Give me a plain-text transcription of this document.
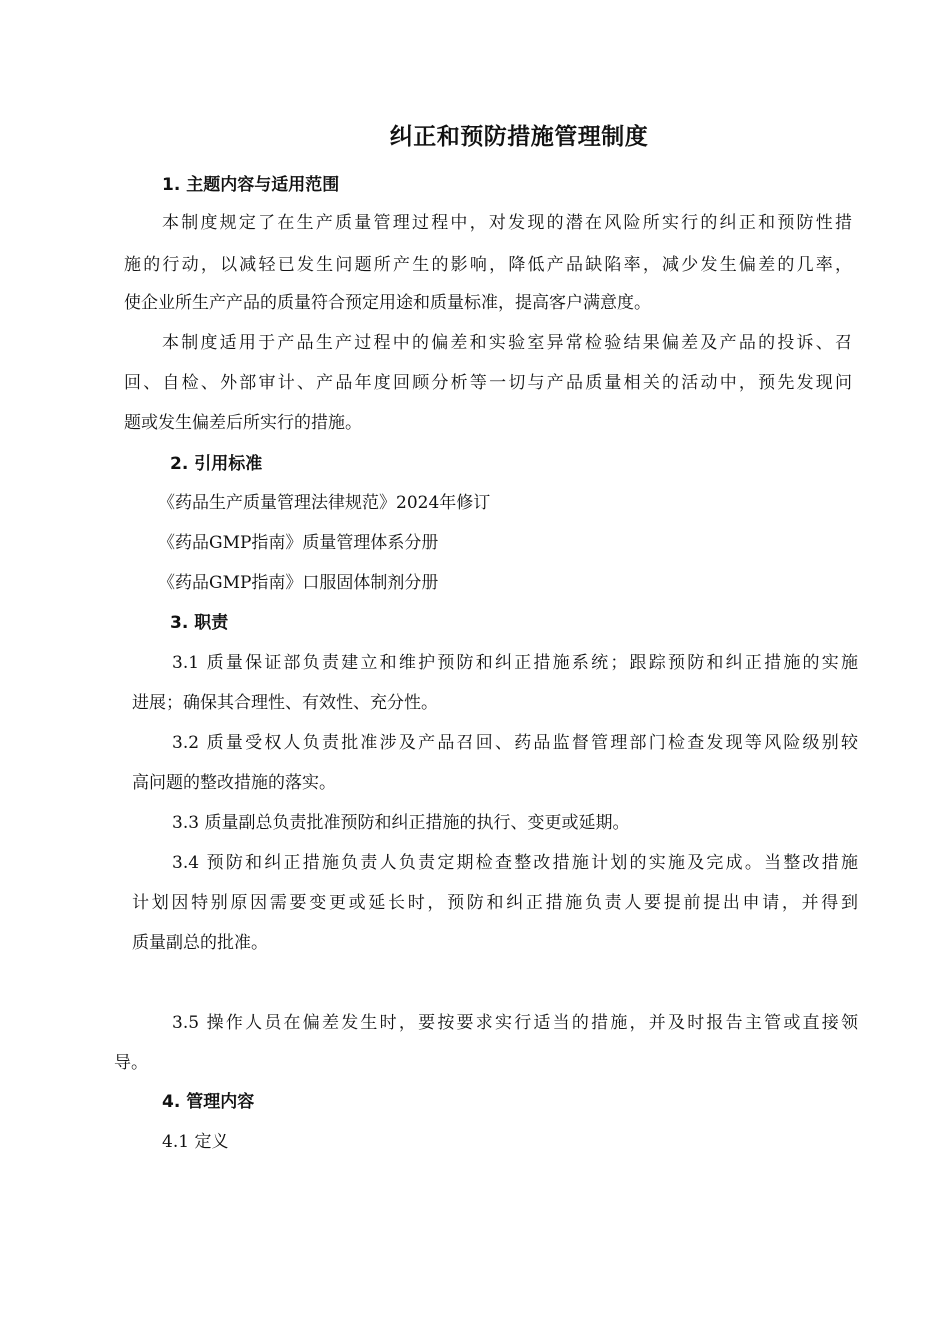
纠正和预防措施管理制度
1. 主题内容与适用范围
本制度规定了在生产质量管理过程中，对发现的潜在风险所实行的纠正和预防性措
施的行动，以减轻已发生问题所产生的影响，降低产品缺陷率，减少发生偏差的几率，
使企业所生产产品的质量符合预定用途和质量标准，提高客户满意度。
本制度适用于产品生产过程中的偏差和实验室异常检验结果偏差及产品的投诉、召
回、自检、外部审计、产品年度回顾分析等一切与产品质量相关的活动中，预先发现问
题或发生偏差后所实行的措施。
2. 引用标准
《药品生产质量管理法律规范》2024年修订
《药品GMP指南》质量管理体系分册
《药品GMP指南》口服固体制剂分册
3. 职责
3.1 质量保证部负责建立和维护预防和纠正措施系统；跟踪预防和纠正措施的实施
进展；确保其合理性、有效性、充分性。
3.2 质量受权人负责批准涉及产品召回、药品监督管理部门检查发现等风险级别较
高问题的整改措施的落实。
3.3 质量副总负责批准预防和纠正措施的执行、变更或延期。
3.4 预防和纠正措施负责人负责定期检查整改措施计划的实施及完成。当整改措施
计划因特别原因需要变更或延长时，预防和纠正措施负责人要提前提出申请，并得到
质量副总的批准。
3.5 操作人员在偏差发生时，要按要求实行适当的措施，并及时报告主管或直接领
导。
4. 管理内容
4.1 定义
